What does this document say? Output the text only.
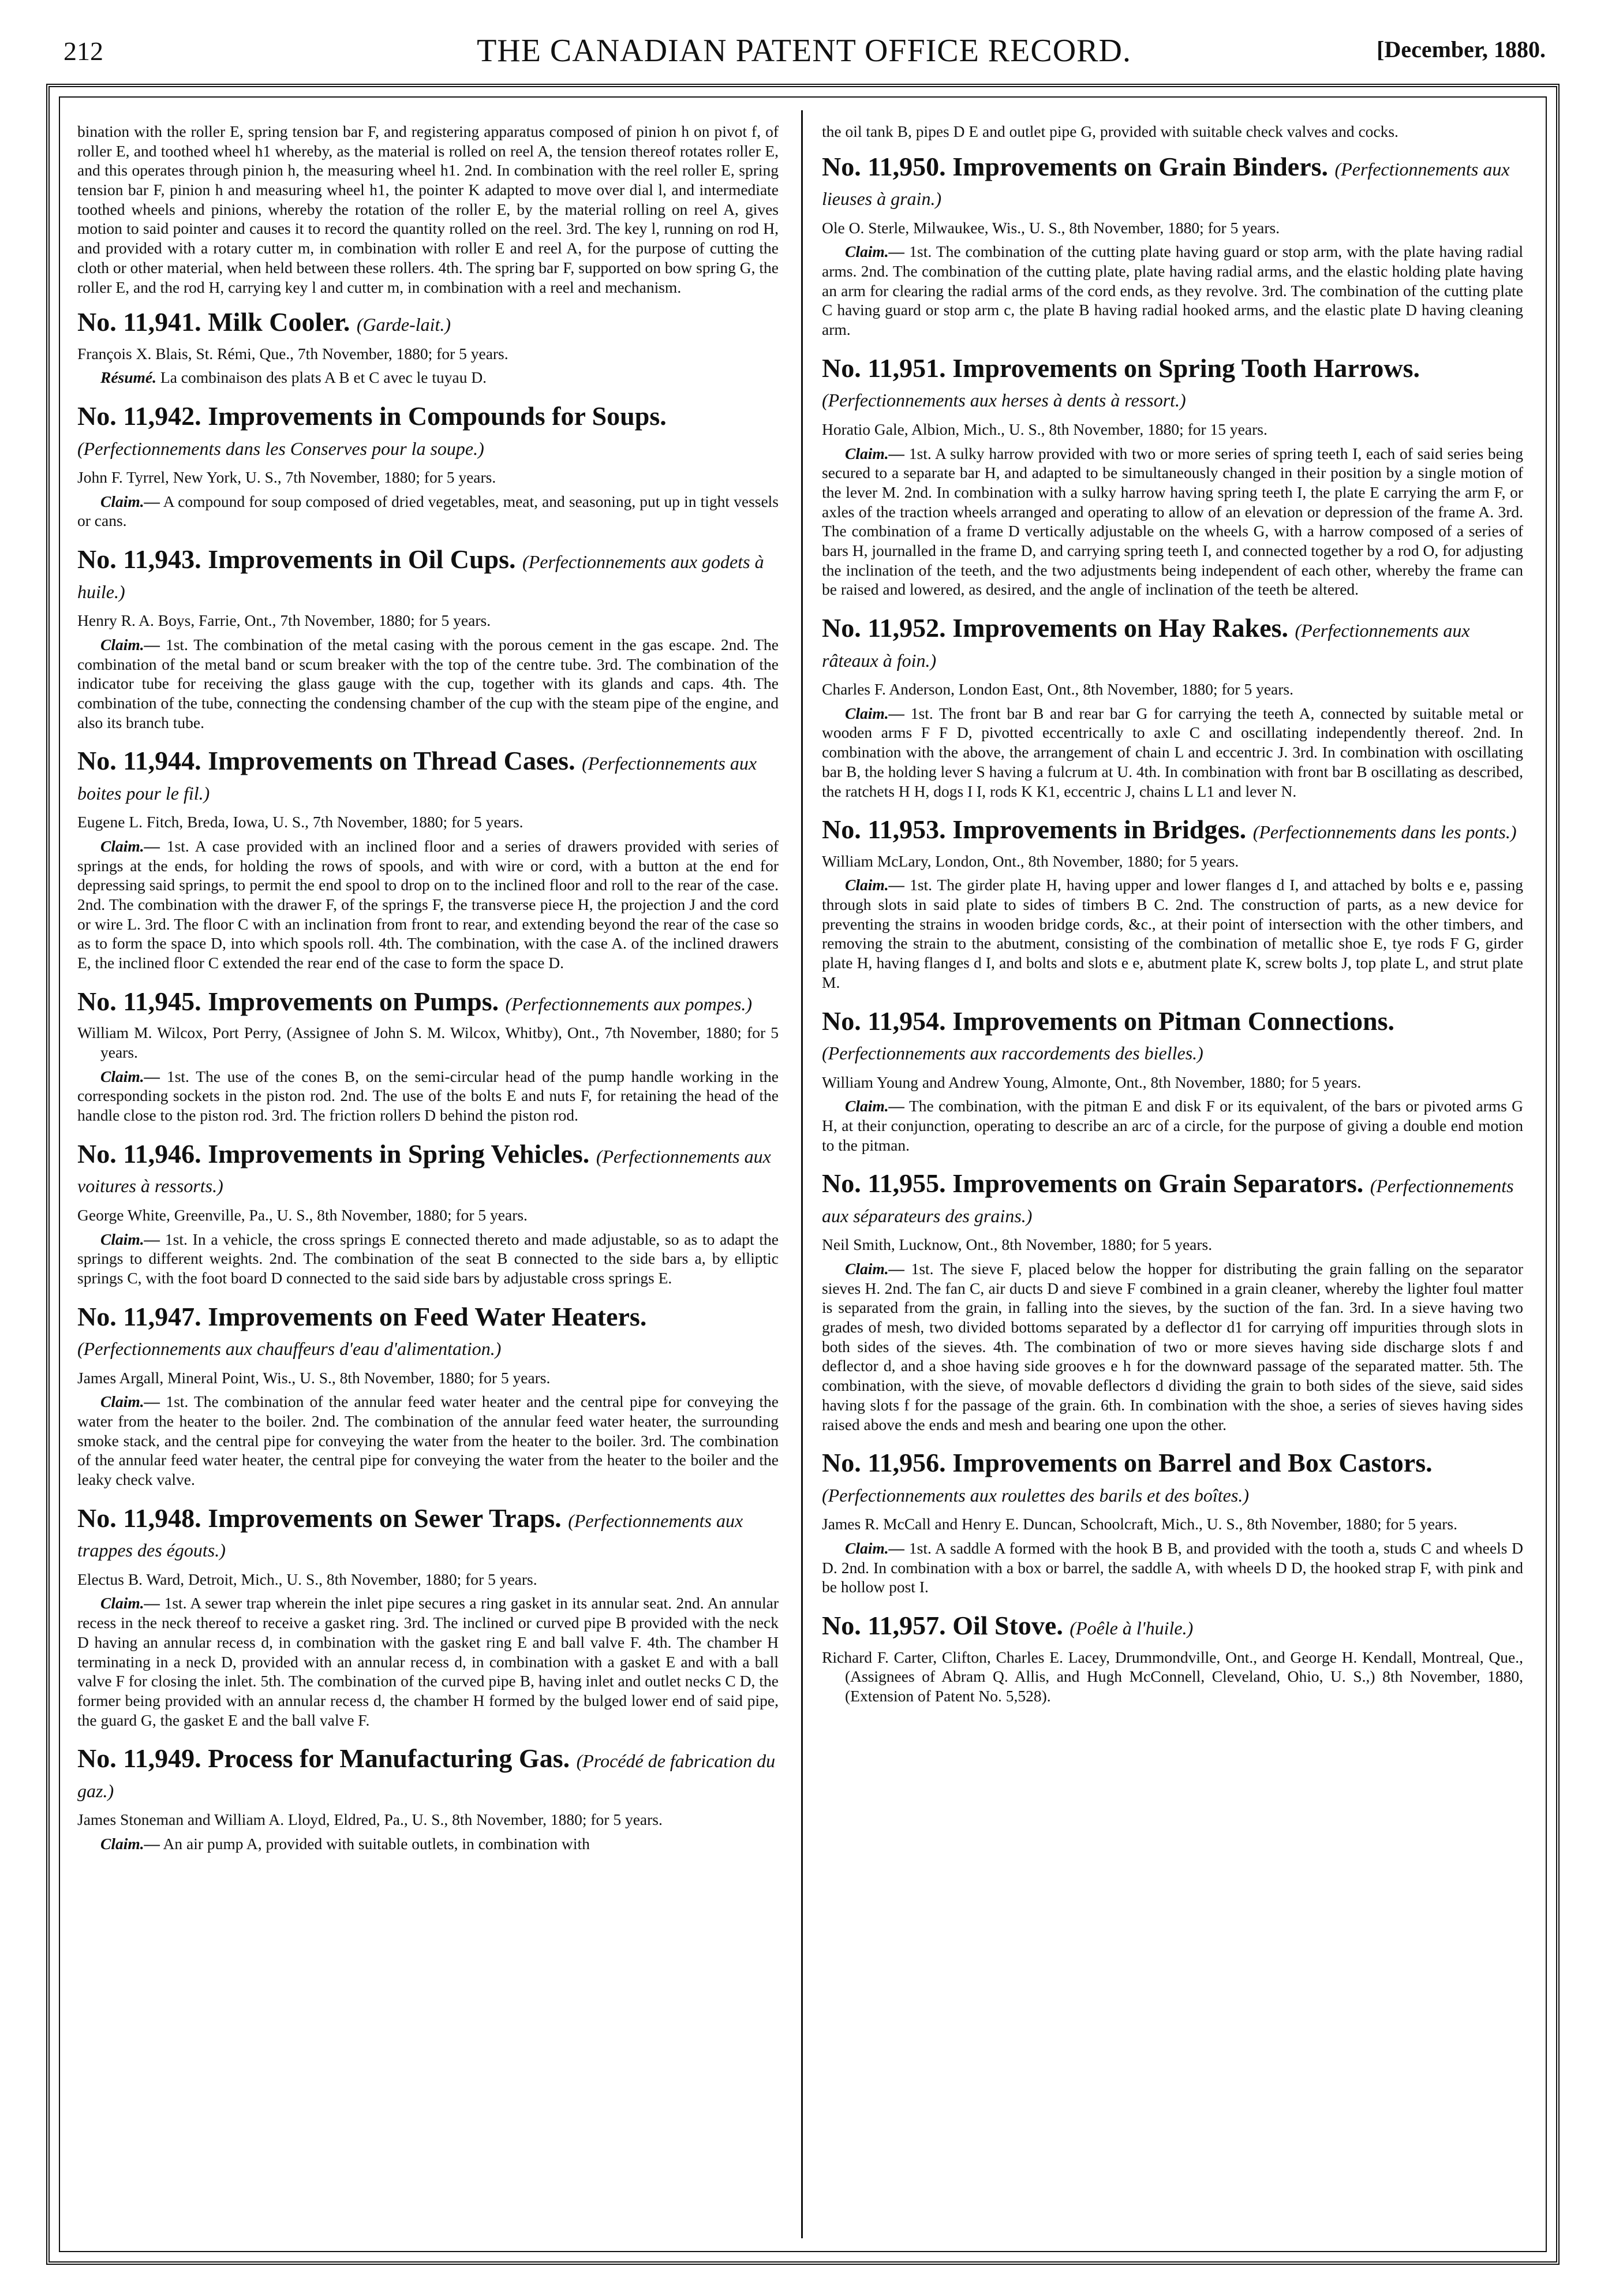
212	THE CANADIAN PATENT OFFICE RECORD.	[December, 1880.

bination with the roller E, spring tension bar F, and registering apparatus composed of pinion h on pivot f, of roller E, and toothed wheel h1 whereby, as the material is rolled on reel A, the tension thereof rotates roller E, and this operates through pinion h, the measuring wheel h1. 2nd. In combination with the reel roller E, spring tension bar F, pinion h and measuring wheel h1, the pointer K adapted to move over dial l, and intermediate toothed wheels and pinions, whereby the rotation of the roller E, by the material rolling on reel A, gives motion to said pointer and causes it to record the quantity rolled on the reel. 3rd. The key l, running on rod H, and provided with a rotary cutter m, in combination with roller E and reel A, for the purpose of cutting the cloth or other material, when held between these rollers. 4th. The spring bar F, supported on bow spring G, the roller E, and the rod H, carrying key l and cutter m, in combination with a reel and mechanism.

No. 11,941. Milk Cooler. (Garde-lait.)

François X. Blais, St. Rémi, Que., 7th November, 1880; for 5 years.

Résumé. La combinaison des plats A B et C avec le tuyau D.

No. 11,942. Improvements in Compounds for Soups. (Perfectionnements dans les Conserves pour la soupe.)

John F. Tyrrel, New York, U. S., 7th November, 1880; for 5 years.

Claim.— A compound for soup composed of dried vegetables, meat, and seasoning, put up in tight vessels or cans.

No. 11,943. Improvements in Oil Cups. (Perfectionnements aux godets à huile.)

Henry R. A. Boys, Farrie, Ont., 7th November, 1880; for 5 years.

Claim.— 1st. The combination of the metal casing with the porous cement in the gas escape. 2nd. The combination of the metal band or scum breaker with the top of the centre tube. 3rd. The combination of the indicator tube for receiving the glass gauge with the cup, together with its glands and caps. 4th. The combination of the tube, connecting the condensing chamber of the cup with the steam pipe of the engine, and also its branch tube.

No. 11,944. Improvements on Thread Cases. (Perfectionnements aux boites pour le fil.)

Eugene L. Fitch, Breda, Iowa, U. S., 7th November, 1880; for 5 years.

Claim.— 1st. A case provided with an inclined floor and a series of drawers provided with series of springs at the ends, for holding the rows of spools, and with wire or cord, with a button at the end for depressing said springs, to permit the end spool to drop on to the inclined floor and roll to the rear of the case. 2nd. The combination with the drawer F, of the springs F, the transverse piece H, the projection J and the cord or wire L. 3rd. The floor C with an inclination from front to rear, and extending beyond the rear of the case so as to form the space D, into which spools roll. 4th. The combination, with the case A. of the inclined drawers E, the inclined floor C extended the rear end of the case to form the space D.

No. 11,945. Improvements on Pumps. (Perfectionnements aux pompes.)

William M. Wilcox, Port Perry, (Assignee of John S. M. Wilcox, Whitby), Ont., 7th November, 1880; for 5 years.

Claim.— 1st. The use of the cones B, on the semi-circular head of the pump handle working in the corresponding sockets in the piston rod. 2nd. The use of the bolts E and nuts F, for retaining the head of the handle close to the piston rod. 3rd. The friction rollers D behind the piston rod.

No. 11,946. Improvements in Spring Vehicles. (Perfectionnements aux voitures à ressorts.)

George White, Greenville, Pa., U. S., 8th November, 1880; for 5 years.

Claim.— 1st. In a vehicle, the cross springs E connected thereto and made adjustable, so as to adapt the springs to different weights. 2nd. The combination of the seat B connected to the side bars a, by elliptic springs C, with the foot board D connected to the said side bars by adjustable cross springs E.

No. 11,947. Improvements on Feed Water Heaters. (Perfectionnements aux chauffeurs d'eau d'alimentation.)

James Argall, Mineral Point, Wis., U. S., 8th November, 1880; for 5 years.

Claim.— 1st. The combination of the annular feed water heater and the central pipe for conveying the water from the heater to the boiler. 2nd. The combination of the annular feed water heater, the surrounding smoke stack, and the central pipe for conveying the water from the heater to the boiler. 3rd. The combination of the annular feed water heater, the central pipe for conveying the water from the heater to the boiler and the leaky check valve.

No. 11,948. Improvements on Sewer Traps. (Perfectionnements aux trappes des égouts.)

Electus B. Ward, Detroit, Mich., U. S., 8th November, 1880; for 5 years.

Claim.— 1st. A sewer trap wherein the inlet pipe secures a ring gasket in its annular seat. 2nd. An annular recess in the neck thereof to receive a gasket ring. 3rd. The inclined or curved pipe B provided with the neck D having an annular recess d, in combination with the gasket ring E and ball valve F. 4th. The chamber H terminating in a neck D, provided with an annular recess d, in combination with a gasket E and with a ball valve F for closing the inlet. 5th. The combination of the curved pipe B, having inlet and outlet necks C D, the former being provided with an annular recess d, the chamber H formed by the bulged lower end of said pipe, the guard G, the gasket E and the ball valve F.

No. 11,949. Process for Manufacturing Gas. (Procédé de fabrication du gaz.)

James Stoneman and William A. Lloyd, Eldred, Pa., U. S., 8th November, 1880; for 5 years.

Claim.— An air pump A, provided with suitable outlets, in combination with

the oil tank B, pipes D E and outlet pipe G, provided with suitable check valves and cocks.

No. 11,950. Improvements on Grain Binders. (Perfectionnements aux lieuses à grain.)

Ole O. Sterle, Milwaukee, Wis., U. S., 8th November, 1880; for 5 years.

Claim.— 1st. The combination of the cutting plate having guard or stop arm, with the plate having radial arms. 2nd. The combination of the cutting plate, plate having radial arms, and the elastic holding plate having an arm for clearing the radial arms of the cord ends, as they revolve. 3rd. The combination of the cutting plate C having guard or stop arm c, the plate B having radial hooked arms, and the elastic plate D having cleaning arm.

No. 11,951. Improvements on Spring Tooth Harrows. (Perfectionnements aux herses à dents à ressort.)

Horatio Gale, Albion, Mich., U. S., 8th November, 1880; for 15 years.

Claim.— 1st. A sulky harrow provided with two or more series of spring teeth I, each of said series being secured to a separate bar H, and adapted to be simultaneously changed in their position by a single motion of the lever M. 2nd. In combination with a sulky harrow having spring teeth I, the plate E carrying the arm F, or axles of the traction wheels arranged and operating to allow of an elevation or depression of the frame A. 3rd. The combination of a frame D vertically adjustable on the wheels G, with a harrow composed of a series of bars H, journalled in the frame D, and carrying spring teeth I, and connected together by a rod O, for adjusting the inclination of the teeth, and the two adjustments being independent of each other, whereby the frame can be raised and lowered, as desired, and the angle of inclination of the teeth be altered.

No. 11,952. Improvements on Hay Rakes. (Perfectionnements aux râteaux à foin.)

Charles F. Anderson, London East, Ont., 8th November, 1880; for 5 years.

Claim.— 1st. The front bar B and rear bar G for carrying the teeth A, connected by suitable metal or wooden arms F F D, pivotted eccentrically to axle C and oscillating independently thereof. 2nd. In combination with the above, the arrangement of chain L and eccentric J. 3rd. In combination with oscillating bar B, the holding lever S having a fulcrum at U. 4th. In combination with front bar B oscillating as described, the ratchets H H, dogs I I, rods K K1, eccentric J, chains L L1 and lever N.

No. 11,953. Improvements in Bridges. (Perfectionnements dans les ponts.)

William McLary, London, Ont., 8th November, 1880; for 5 years.

Claim.— 1st. The girder plate H, having upper and lower flanges d I, and attached by bolts e e, passing through slots in said plate to sides of timbers B C. 2nd. The construction of parts, as a new device for preventing the strains in wooden bridge cords, &c., at their point of intersection with the other timbers, and removing the strain to the abutment, consisting of the combination of metallic shoe E, tye rods F G, girder plate H, having flanges d I, and bolts and slots e e, abutment plate K, screw bolts J, top plate L, and strut plate M.

No. 11,954. Improvements on Pitman Connections. (Perfectionnements aux raccordements des bielles.)

William Young and Andrew Young, Almonte, Ont., 8th November, 1880; for 5 years.

Claim.— The combination, with the pitman E and disk F or its equivalent, of the bars or pivoted arms G H, at their conjunction, operating to describe an arc of a circle, for the purpose of giving a double end motion to the pitman.

No. 11,955. Improvements on Grain Separators. (Perfectionnements aux séparateurs des grains.)

Neil Smith, Lucknow, Ont., 8th November, 1880; for 5 years.

Claim.— 1st. The sieve F, placed below the hopper for distributing the grain falling on the separator sieves H. 2nd. The fan C, air ducts D and sieve F combined in a grain cleaner, whereby the lighter foul matter is separated from the grain, in falling into the sieves, by the suction of the fan. 3rd. In a sieve having two grades of mesh, two divided bottoms separated by a deflector d1 for carrying off impurities through slots in both sides of the sieves. 4th. The combination of two or more sieves having side discharge slots f and deflector d, and a shoe having side grooves e h for the downward passage of the separated matter. 5th. The combination, with the sieve, of movable deflectors d dividing the grain to both sides of the sieve, said sides having slots f for the passage of the grain. 6th. In combination with the shoe, a series of sieves having sides raised above the ends and mesh and bearing one upon the other.

No. 11,956. Improvements on Barrel and Box Castors. (Perfectionnements aux roulettes des barils et des boîtes.)

James R. McCall and Henry E. Duncan, Schoolcraft, Mich., U. S., 8th November, 1880; for 5 years.

Claim.— 1st. A saddle A formed with the hook B B, and provided with the tooth a, studs C and wheels D D. 2nd. In combination with a box or barrel, the saddle A, with wheels D D, the hooked strap F, with pink and be hollow post I.

No. 11,957. Oil Stove. (Poêle à l'huile.)

Richard F. Carter, Clifton, Charles E. Lacey, Drummondville, Ont., and George H. Kendall, Montreal, Que., (Assignees of Abram Q. Allis, and Hugh McConnell, Cleveland, Ohio, U. S.,) 8th November, 1880, (Extension of Patent No. 5,528).
